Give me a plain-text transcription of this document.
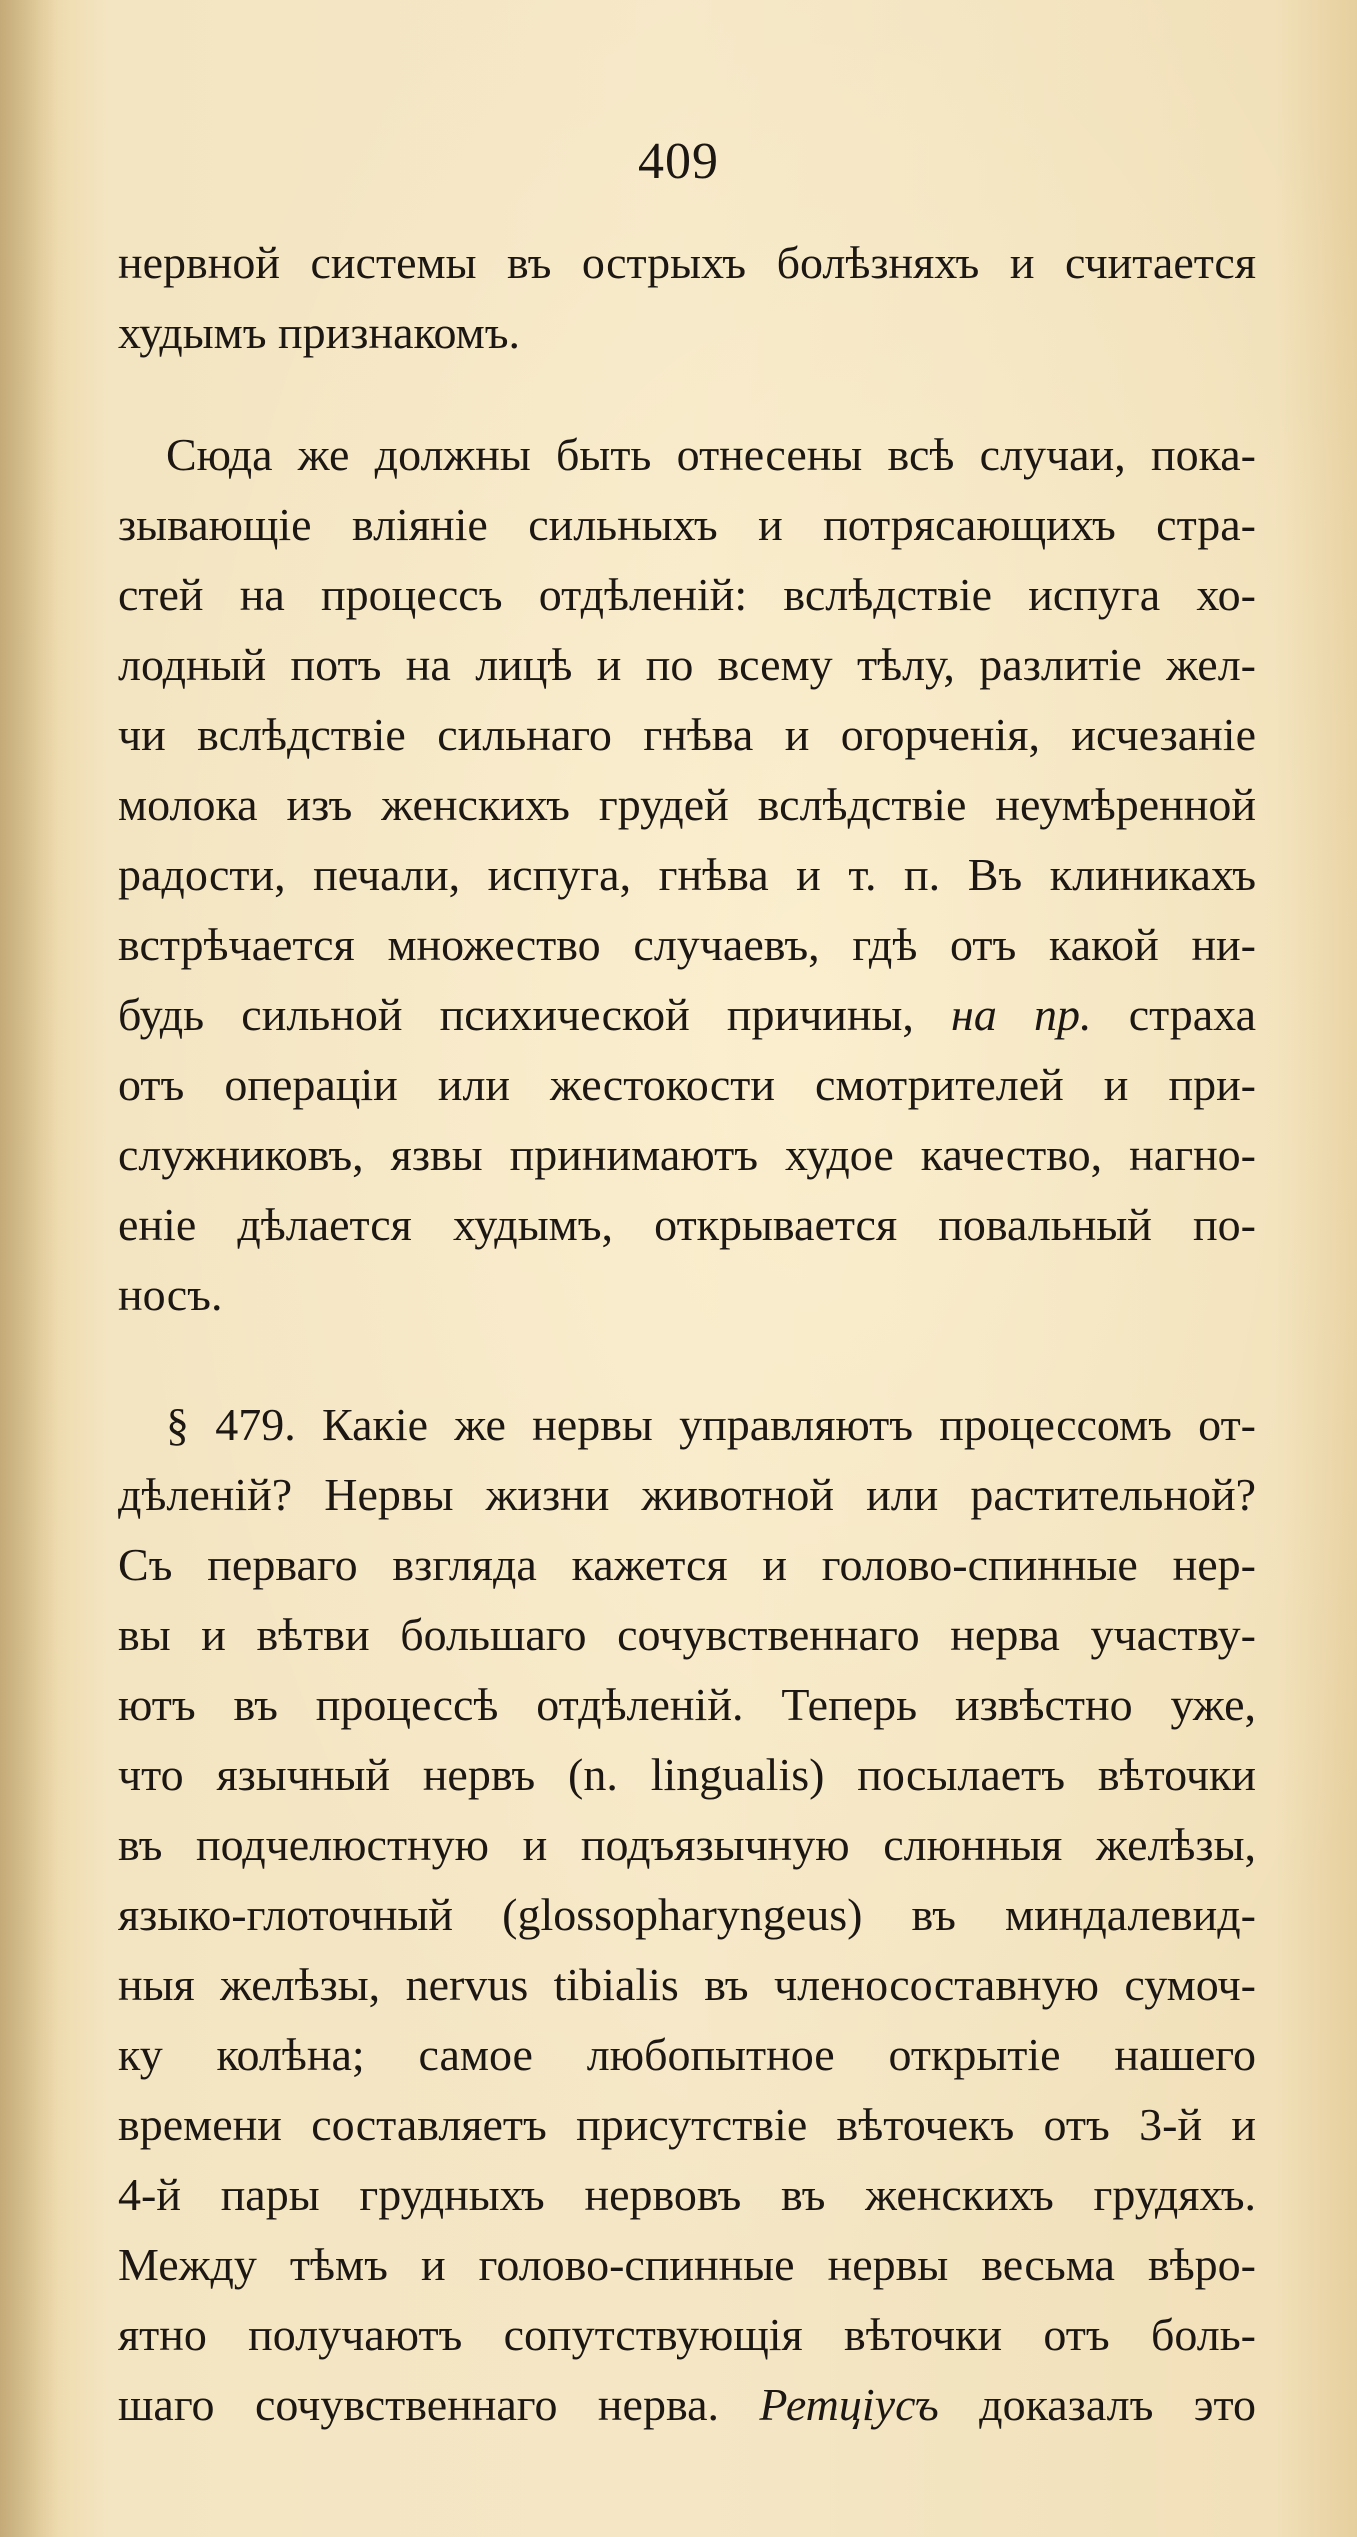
409
нервной системы въ острыхъ болѣзняхъ и считается
худымъ признакомъ.
Сюда же должны быть отнесены всѣ случаи, пока-
зывающіе вліяніе сильныхъ и потрясающихъ стра-
стей на процессъ отдѣленій: вслѣдствіе испуга хо-
лодный потъ на лицѣ и по всему тѣлу, разлитіе жел-
чи вслѣдствіе сильнаго гнѣва и огорченія, исчезаніе
молока изъ женскихъ грудей вслѣдствіе неумѣренной
радости, печали, испуга, гнѣва и т. п. Въ клиникахъ
встрѣчается множество случаевъ, гдѣ отъ какой ни-
будь сильной психической причины, на пр. страха
отъ операціи или жестокости смотрителей и при-
служниковъ, язвы принимаютъ худое качество, нагно-
еніе дѣлается худымъ, открывается повальный по-
носъ.
§ 479. Какіе же нервы управляютъ процессомъ от-
дѣленій? Нервы жизни животной или растительной?
Съ перваго взгляда кажется и голово-спинные нер-
вы и вѣтви большаго сочувственнаго нерва участву-
ютъ въ процессѣ отдѣленій. Теперь извѣстно уже,
что язычный нервъ (n. lingualis) посылаетъ вѣточки
въ подчелюстную и подъязычную слюнныя желѣзы,
языко-глоточный (glossopharyngeus) въ миндалевид-
ныя желѣзы, nervus tibialis въ членосоставную сумоч-
ку колѣна; самое любопытное открытіе нашего
времени составляетъ присутствіе вѣточекъ отъ 3-й и
4-й пары грудныхъ нервовъ въ женскихъ грудяхъ.
Между тѣмъ и голово-спинные нервы весьма вѣро-
ятно получаютъ сопутствующія вѣточки отъ боль-
шаго сочувственнаго нерва. Ретціусъ доказалъ это
